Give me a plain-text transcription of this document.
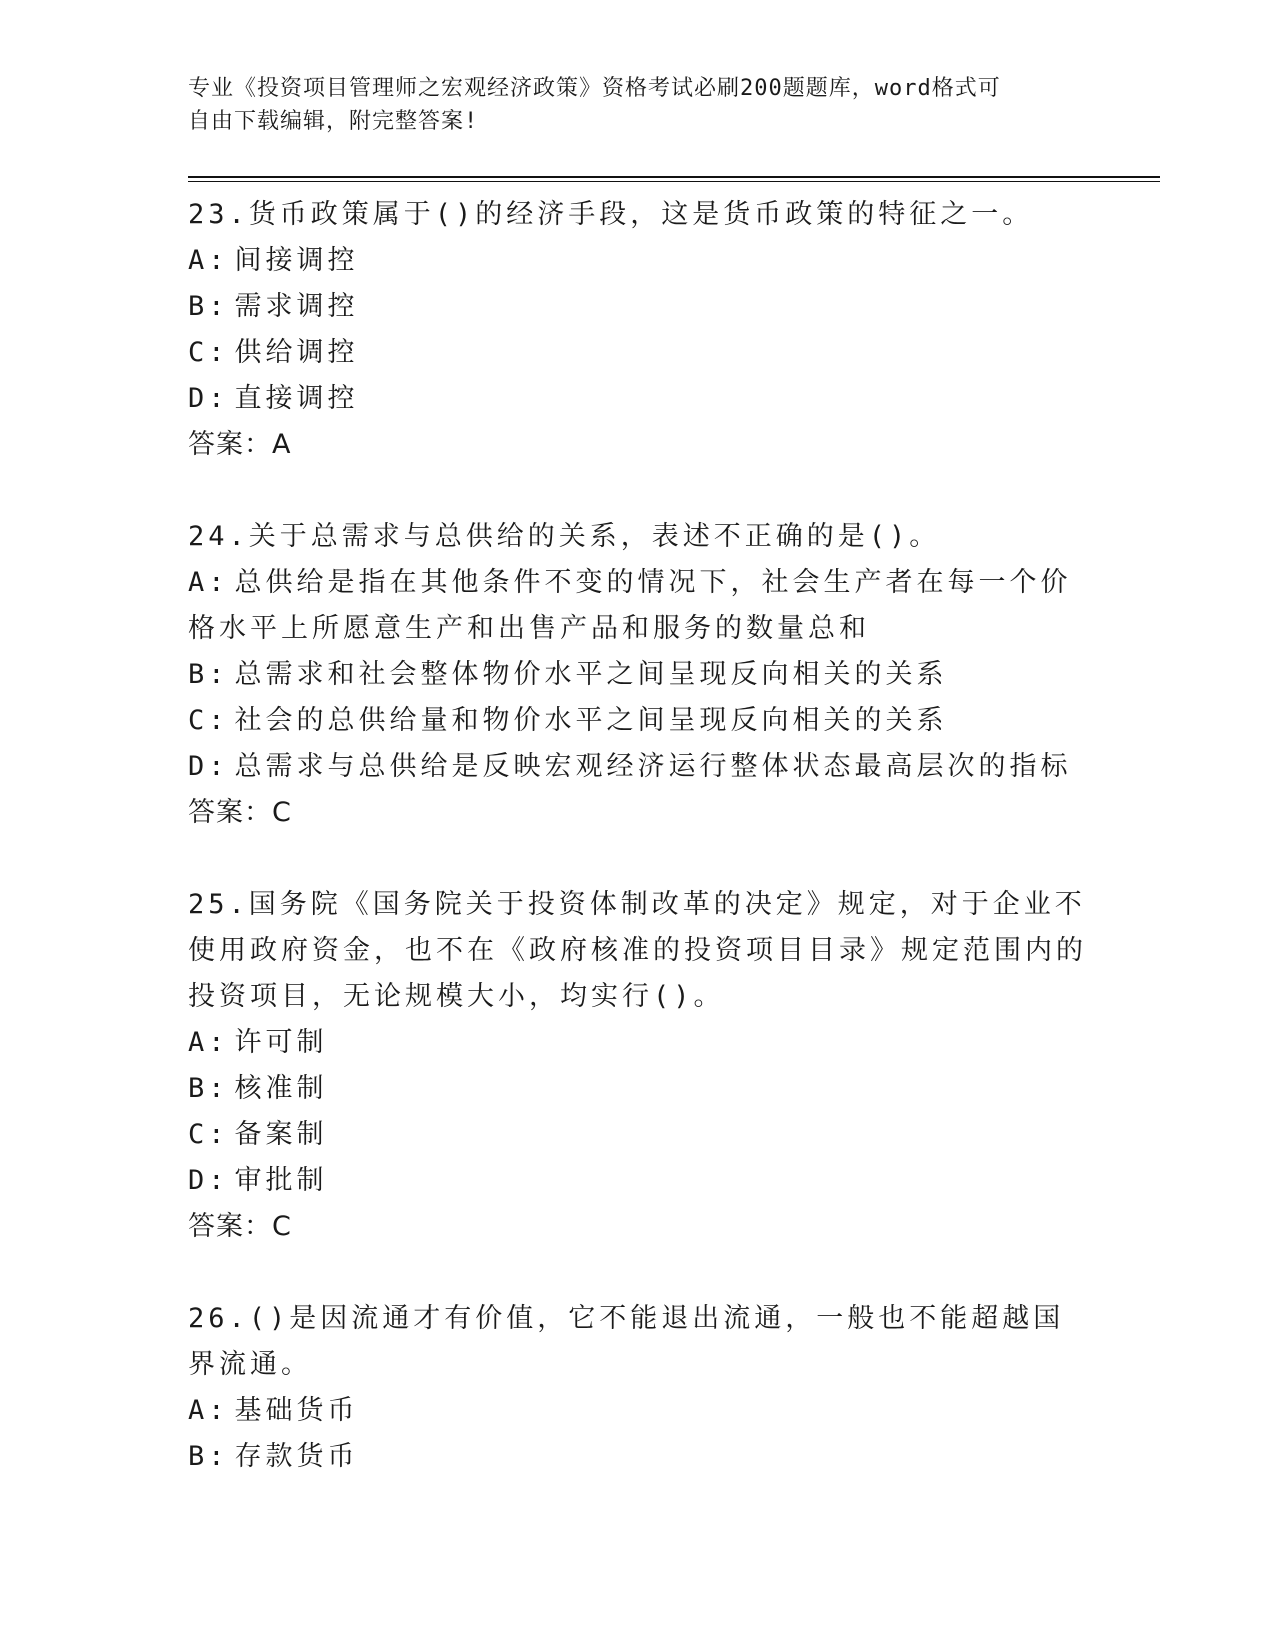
专业《投资项目管理师之宏观经济政策》资格考试必刷200题题库，word格式可
自由下载编辑，附完整答案!

23.货币政策属于()的经济手段，这是货币政策的特征之一。

A: 间接调控

B: 需求调控

C: 供给调控

D: 直接调控

答案：A

24.关于总需求与总供给的关系，表述不正确的是()。

A: 总供给是指在其他条件不变的情况下，社会生产者在每一个价格水平上所愿意生产和出售产品和服务的数量总和

B: 总需求和社会整体物价水平之间呈现反向相关的关系

C: 社会的总供给量和物价水平之间呈现反向相关的关系

D: 总需求与总供给是反映宏观经济运行整体状态最高层次的指标

答案：C

25.国务院《国务院关于投资体制改革的决定》规定，对于企业不使用政府资金，也不在《政府核准的投资项目目录》规定范围内的投资项目，无论规模大小，均实行()。

A: 许可制

B: 核准制

C: 备案制

D: 审批制

答案：C

26.()是因流通才有价值，它不能退出流通，一般也不能超越国界流通。

A: 基础货币

B: 存款货币
